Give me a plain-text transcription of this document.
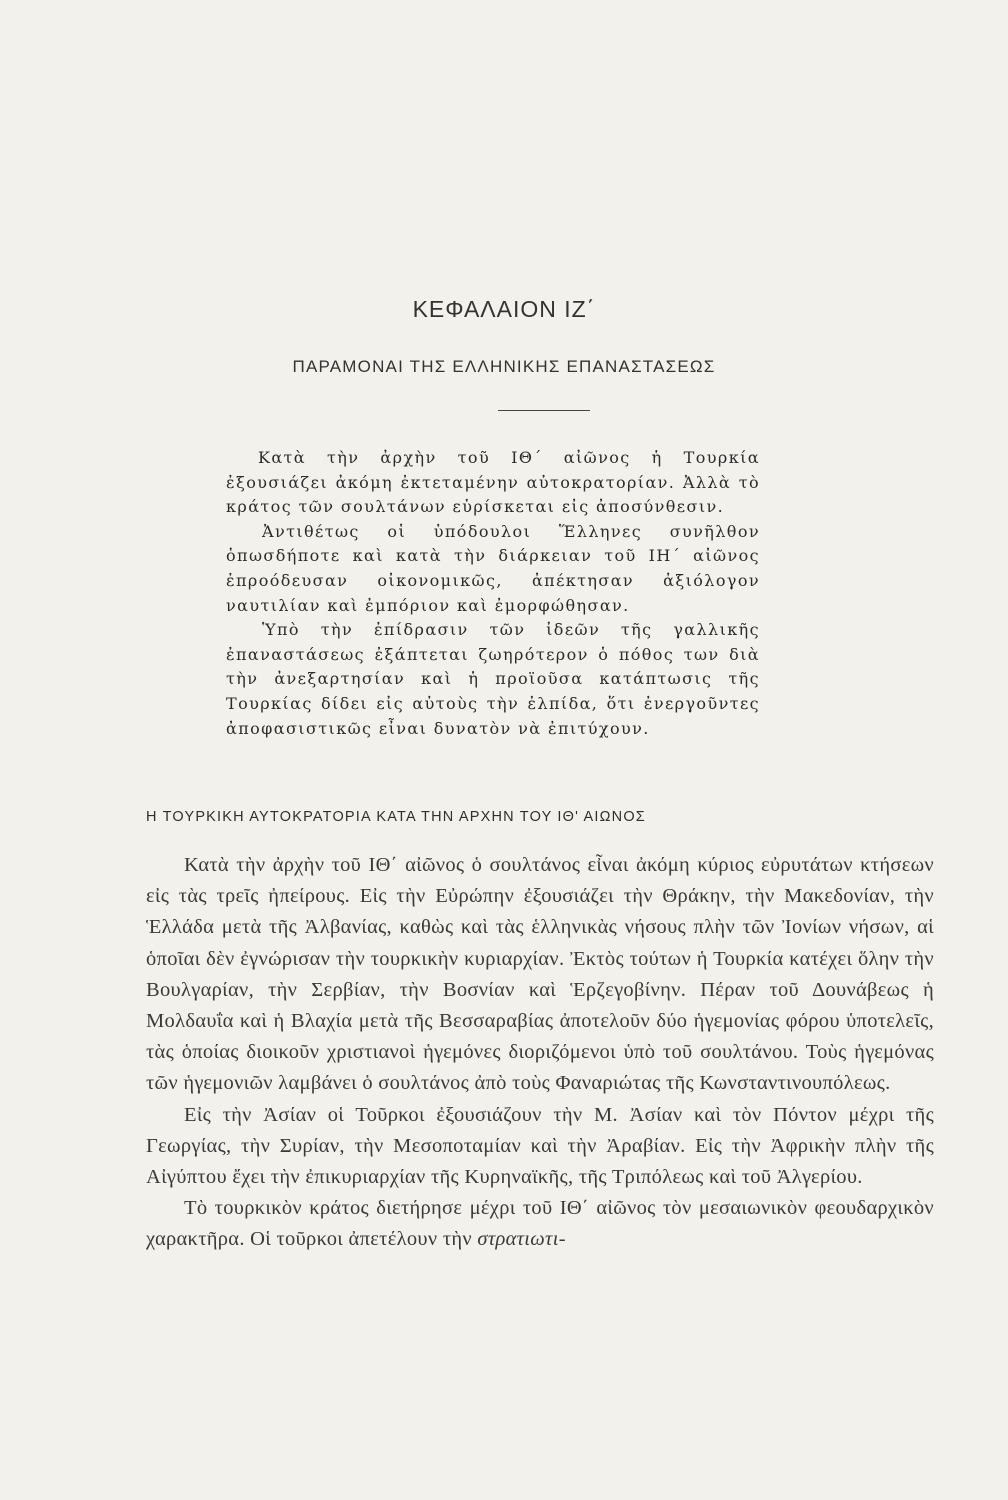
ΚΕΦΑΛΑΙΟΝ ΙΖ΄
ΠΑΡΑΜΟΝΑΙ ΤΗΣ ΕΛΛΗΝΙΚΗΣ ΕΠΑΝΑΣΤΑΣΕΩΣ

Κατὰ τὴν ἀρχὴν τοῦ ΙΘ΄ αἰῶνος ἡ Τουρκία ἐξουσιάζει ἀκόμη ἐκτεταμένην αὐτοκρατορίαν. Ἀλλὰ τὸ κράτος τῶν σουλτάνων εὑρίσκεται εἰς ἀποσύνθεσιν.

Ἀντιθέτως οἱ ὑπόδουλοι Ἕλληνες συνῆλθον ὁπωσδήποτε καὶ κατὰ τὴν διάρκειαν τοῦ ΙΗ΄ αἰῶνος ἐπροόδευσαν οἰκονομικῶς, ἀπέκτησαν ἀξιόλογον ναυτιλίαν καὶ ἐμπόριον καὶ ἐμορφώθησαν.

Ὑπὸ τὴν ἐπίδρασιν τῶν ἰδεῶν τῆς γαλλικῆς ἐπαναστάσεως ἐξάπτεται ζωηρότερον ὁ πόθος των διὰ τὴν ἀνεξαρτησίαν καὶ ἡ προϊοῦσα κατάπτωσις τῆς Τουρκίας δίδει εἰς αὐτοὺς τὴν ἐλπίδα, ὅτι ἐνεργοῦντες ἀποφασιστικῶς εἶναι δυνατὸν νὰ ἐπιτύχουν.

Η ΤΟΥΡΚΙΚΗ ΑΥΤΟΚΡΑΤΟΡΙΑ ΚΑΤΑ ΤΗΝ ΑΡΧΗΝ ΤΟΥ ΙΘ' ΑΙΩΝΟΣ

Κατὰ τὴν ἀρχὴν τοῦ ΙΘ΄ αἰῶνος ὁ σουλτάνος εἶναι ἀκόμη κύριος εὐρυτάτων κτήσεων εἰς τὰς τρεῖς ἠπείρους. Εἰς τὴν Εὐρώπην ἐξουσιάζει τὴν Θράκην, τὴν Μακεδονίαν, τὴν Ἑλλάδα μετὰ τῆς Ἀλβανίας, καθὼς καὶ τὰς ἑλληνικὰς νήσους πλὴν τῶν Ἰονίων νήσων, αἱ ὁποῖαι δὲν ἐγνώρισαν τὴν τουρκικὴν κυριαρχίαν. Ἐκτὸς τούτων ἡ Τουρκία κατέχει ὅλην τὴν Βουλγαρίαν, τὴν Σερβίαν, τὴν Βοσνίαν καὶ Ἑρζεγοβίνην. Πέραν τοῦ Δουνάβεως ἡ Μολδαυΐα καὶ ἡ Βλαχία μετὰ τῆς Βεσσαραβίας ἀποτελοῦν δύο ἡγεμονίας φόρου ὑποτελεῖς, τὰς ὁποίας διοικοῦν χριστιανοὶ ἡγεμόνες διοριζόμενοι ὑπὸ τοῦ σουλτάνου. Τοὺς ἡγεμόνας τῶν ἡγεμονιῶν λαμβάνει ὁ σουλτάνος ἀπὸ τοὺς Φαναριώτας τῆς Κωνσταντινουπόλεως.

Εἰς τὴν Ἀσίαν οἱ Τοῦρκοι ἐξουσιάζουν τὴν Μ. Ἀσίαν καὶ τὸν Πόντον μέχρι τῆς Γεωργίας, τὴν Συρίαν, τὴν Μεσοποταμίαν καὶ τὴν Ἀραβίαν. Εἰς τὴν Ἀφρικὴν πλὴν τῆς Αἰγύπτου ἔχει τὴν ἐπικυριαρχίαν τῆς Κυρηναϊκῆς, τῆς Τριπόλεως καὶ τοῦ Ἀλγερίου.

Τὸ τουρκικὸν κράτος διετήρησε μέχρι τοῦ ΙΘ΄ αἰῶνος τὸν μεσαιωνικὸν φεουδαρχικὸν χαρακτῆρα. Οἱ τοῦρκοι ἀπετέλουν τὴν στρατιωτι-
